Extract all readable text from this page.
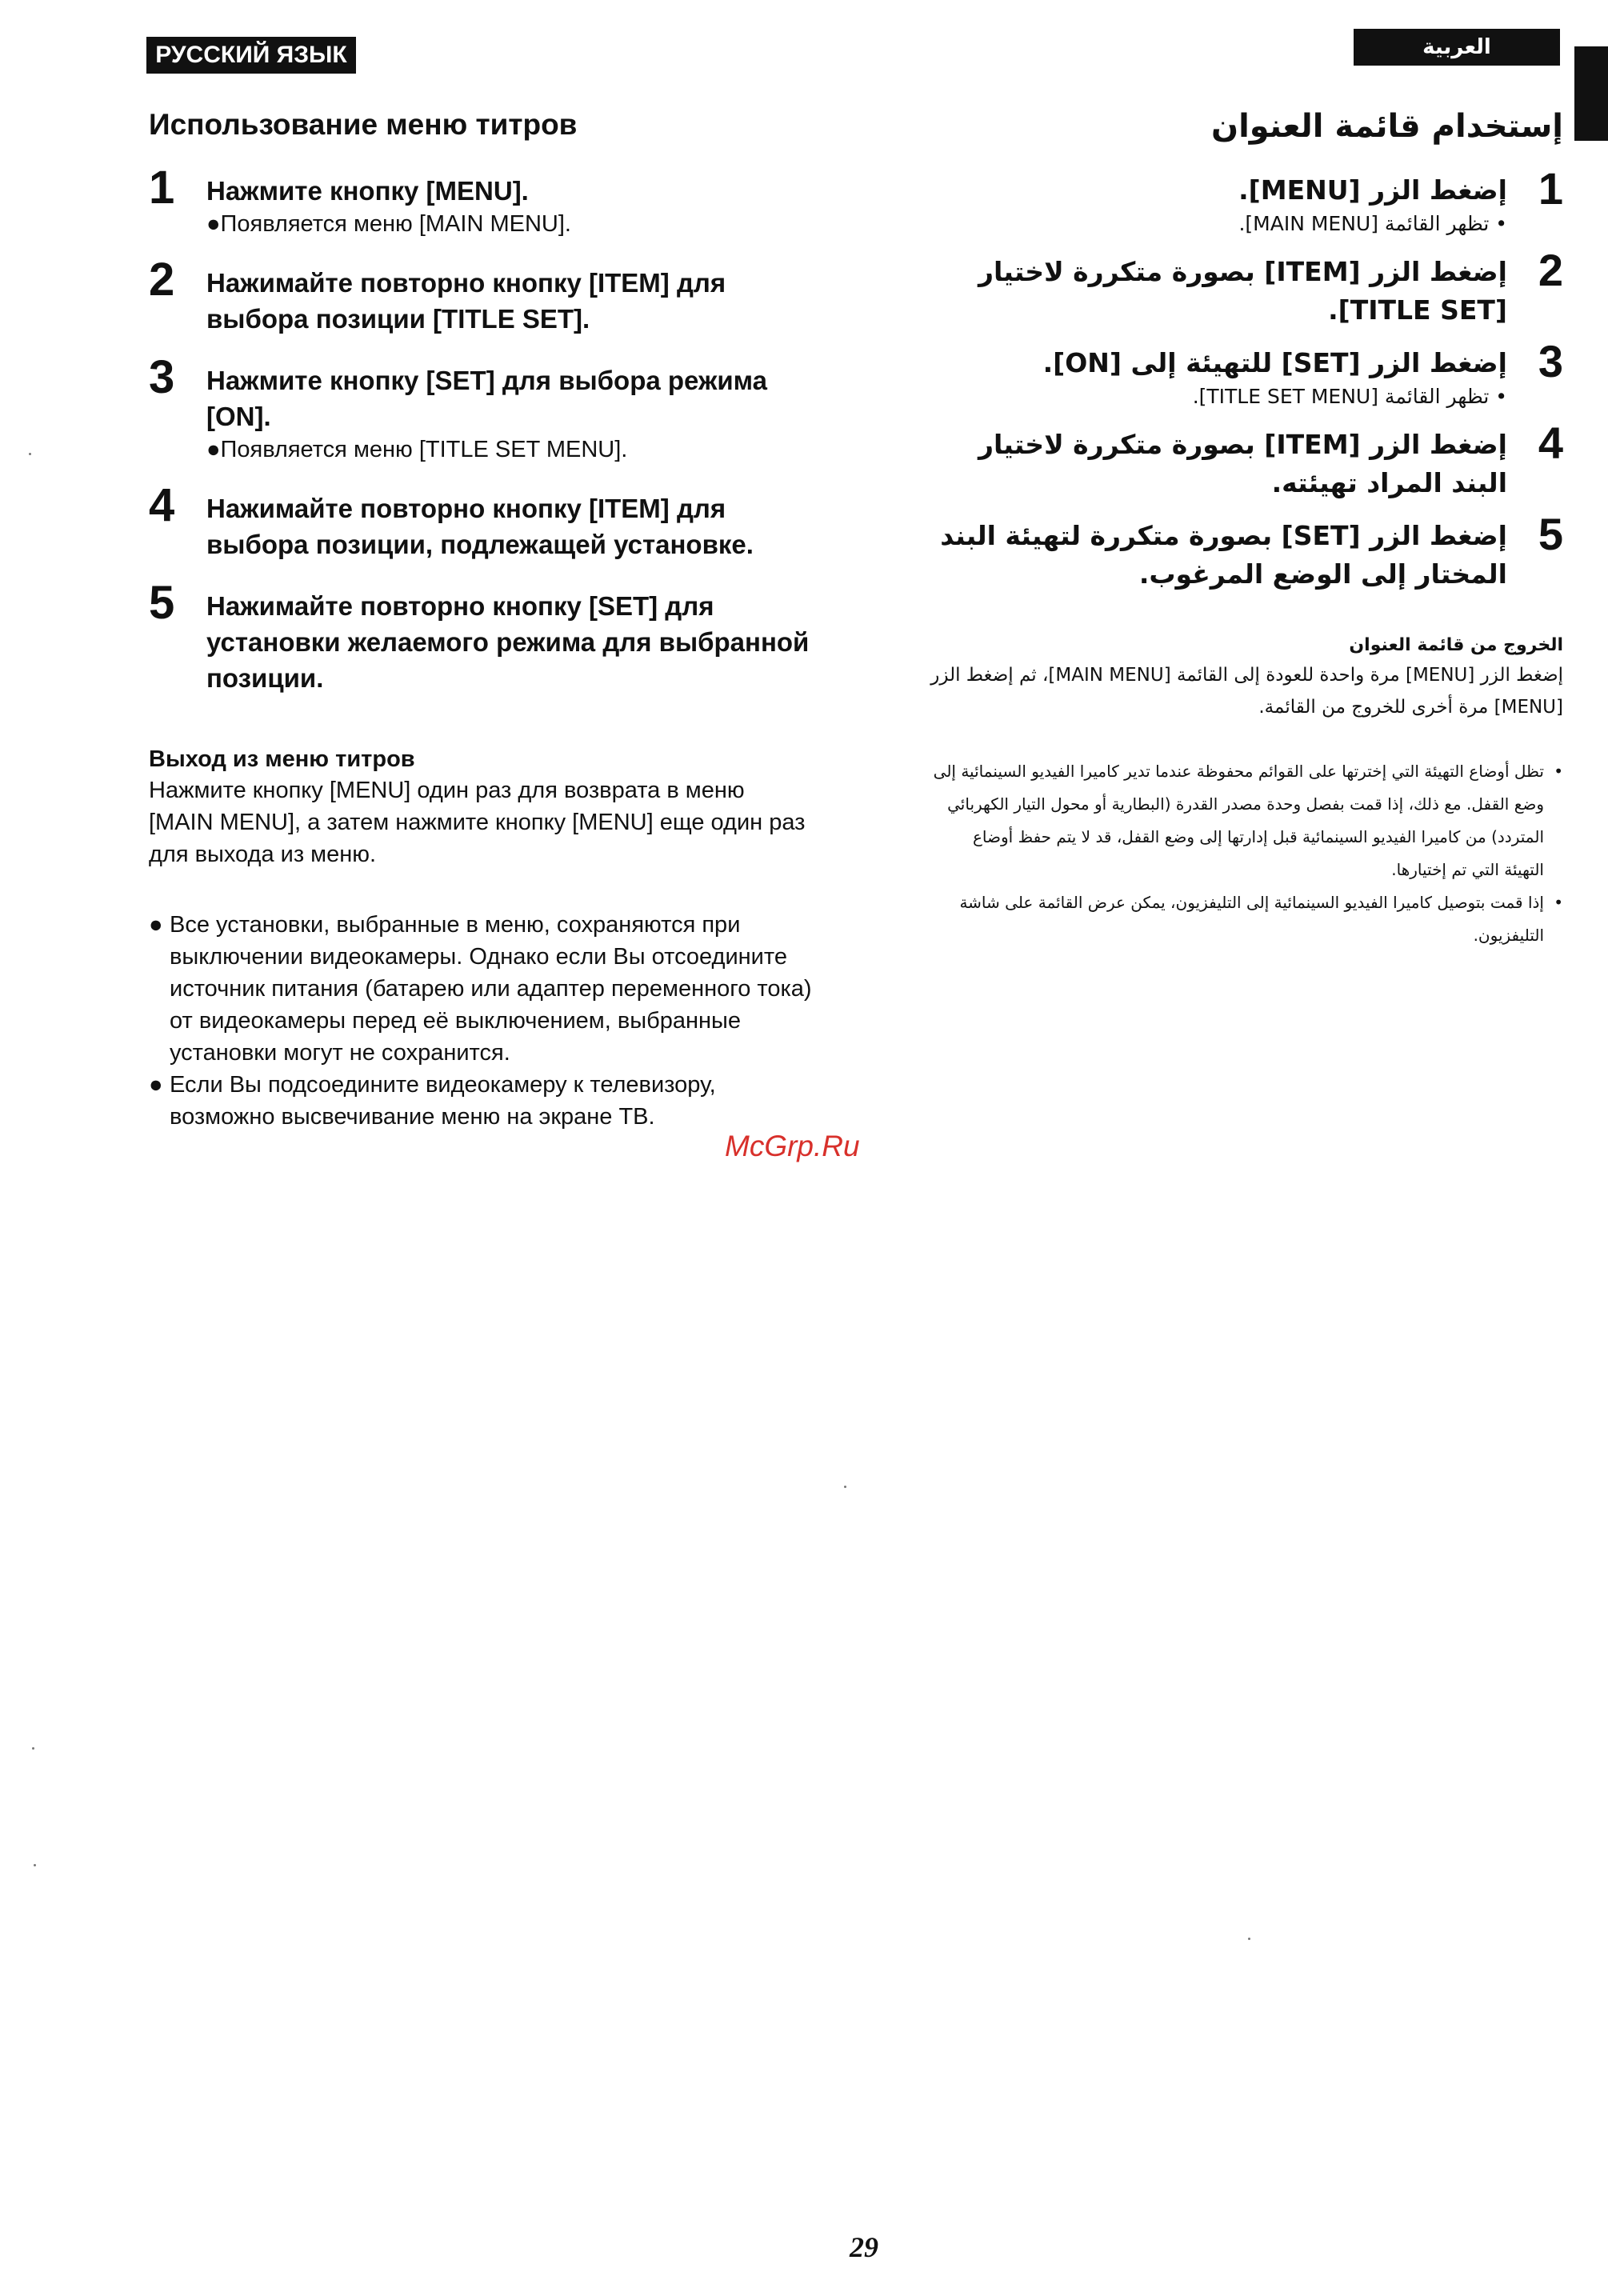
РУССКИЙ ЯЗЫК	العربية
Использование меню титров
1 Нажмите кнопку [MENU].
●Появляется меню [MAIN MENU].
2 Нажимайте повторно кнопку [ITEM] для выбора позиции [TITLE SET].
3 Нажмите кнопку [SET] для выбора режима [ON].
●Появляется меню [TITLE SET MENU].
4 Нажимайте повторно кнопку [ITEM] для выбора позиции, подлежащей установке.
5 Нажимайте повторно кнопку [SET] для установки желаемого режима для выбранной позиции.
Выход из меню титров
Нажмите кнопку [MENU] один раз для возврата в меню [MAIN MENU], а затем нажмите кнопку [MENU] еще один раз для выхода из меню.
● Все установки, выбранные в меню, сохраняются при выключении видеокамеры. Однако если Вы отсоедините источник питания (батарею или адаптер переменного тока) от видеокамеры перед её выключением, выбранные установки могут не сохранится.
● Если Вы подсоедините видеокамеру к телевизору, возможно высвечивание меню на экране ТВ.
إستخدام قائمة العنوان
1
إضغط الزر [MENU].
• تظهر القائمة [MAIN MENU].
2
إضغط الزر [ITEM] بصورة متكررة لاختيار [TITLE SET].
3
إضغط الزر [SET] للتهيئة إلى [ON].
• تظهر القائمة [TITLE SET MENU].
4
إضغط الزر [ITEM] بصورة متكررة لاختيار البند المراد تهيئته.
5
إضغط الزر [SET] بصورة متكررة لتهيئة البند المختار إلى الوضع المرغوب.
الخروج من قائمة العنوان
إضغط الزر [MENU] مرة واحدة للعودة إلى القائمة [MAIN MENU]، ثم إضغط الزر [MENU] مرة أخرى للخروج من القائمة.
•
تظل أوضاع التهيئة التي إخترتها على القوائم محفوظة عندما تدير كاميرا الفيديو السينمائية إلى وضع القفل. مع ذلك، إذا قمت بفصل وحدة مصدر القدرة (البطارية أو محول التيار الكهربائي المتردد) من كاميرا الفيديو السينمائية قبل إدارتها إلى وضع القفل، قد لا يتم حفظ أوضاع التهيئة التي تم إختيارها.
•
إذا قمت بتوصيل كاميرا الفيديو السينمائية إلى التليفزيون، يمكن عرض القائمة على شاشة التليفزيون.
McGrp.Ru
29
